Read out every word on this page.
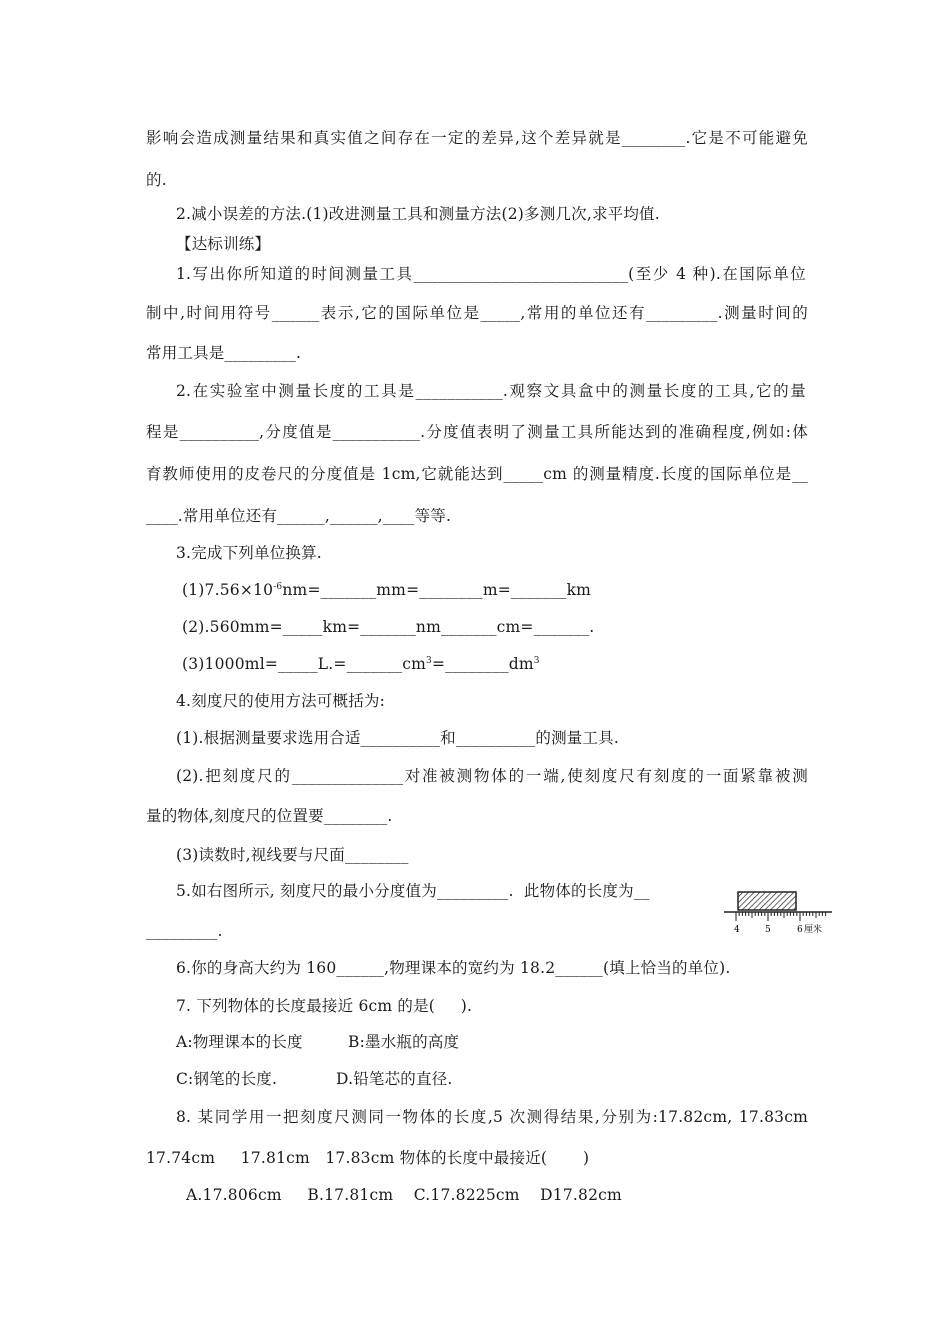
影响会造成测量结果和真实值之间存在一定的差异,这个差异就是________.它是不可能避免
的.
2.减小误差的方法.(1)改进测量工具和测量方法(2)多测几次,求平均值.
【达标训练】
1.写出你所知道的时间测量工具___________________________(至少 4 种).在国际单位
制中,时间用符号______表示,它的国际单位是_____,常用的单位还有_________.测量时间的
常用工具是_________.
2.在实验室中测量长度的工具是___________.观察文具盒中的测量长度的工具,它的量
程是__________,分度值是___________.分度值表明了测量工具所能达到的准确程度,例如:体
育教师使用的皮卷尺的分度值是 1cm,它就能达到_____cm 的测量精度.长度的国际单位是__
____.常用单位还有______,______,____等等.
3.完成下列单位换算.
$(1)7.56\times 10^{-6}nm=\_\_\_\_\_\_\_mm=\_\_\_\_\_\_\_\_m=\_\_\_\_\_\_\_km$
(2).560mm=_____km=_______nm_______cm=_______.
$(3)1000ml=\_\_\_\_\_L.=\_\_\_\_\_\_\_cm^3=\_\_\_\_\_\_\_\_dm^3$
4.刻度尺的使用方法可概括为:
(1).根据测量要求选用合适__________和__________的测量工具.
(2).把刻度尺的______________对准被测物体的一端,使刻度尺有刻度的一面紧靠被测
量的物体,刻度尺的位置要________.
(3)读数时,视线要与尺面________
5.如右图所示, 刻度尺的最小分度值为_________.  此物体的长度为__
_________.	4	5	6 厘米
6.你的身高大约为 160______,物理课本的宽约为 18.2______(填上恰当的单位).
7. 下列物体的长度最接近 6cm 的是(     ).
A:物理课本的长度	B:墨水瓶的高度
C:钢笔的长度.	D.铅笔芯的直径.
8. 某同学用一把刻度尺测同一物体的长度,5 次测得结果,分别为:17.82cm, 17.83cm
17.74cm     17.81cm   17.83cm 物体的长度中最接近(       )
A.17.806cm     B.17.81cm    C.17.8225cm    D17.82cm
